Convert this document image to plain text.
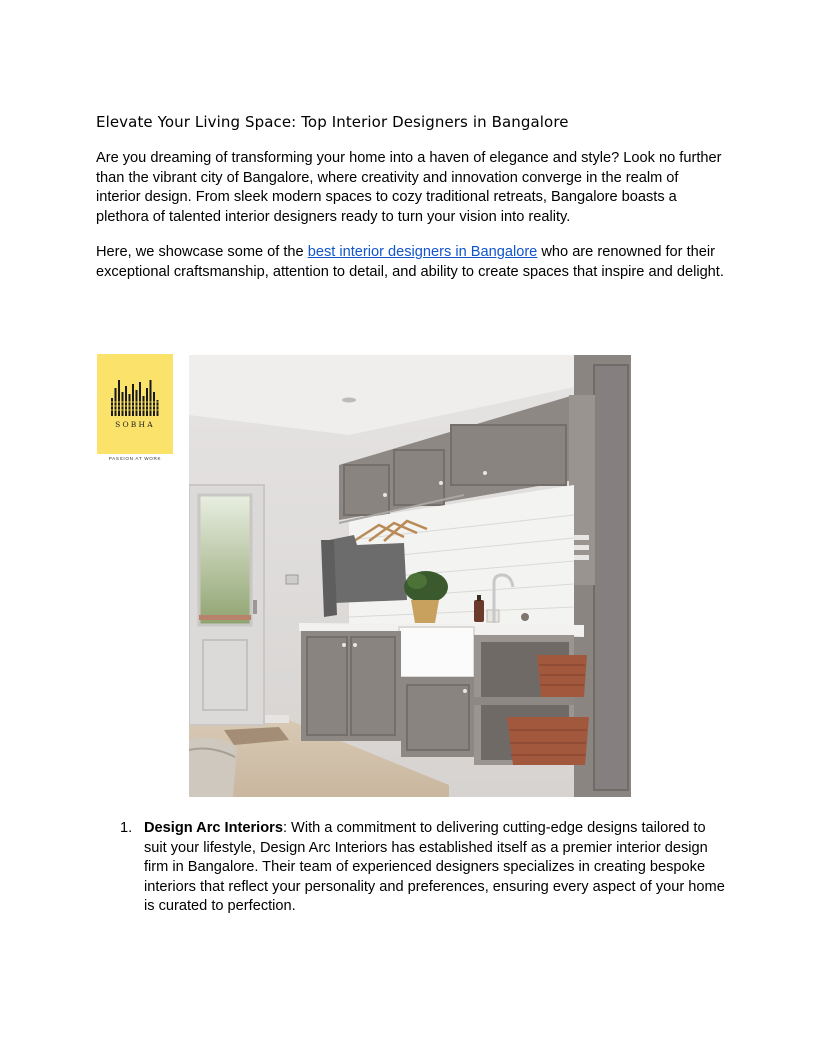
Elevate Your Living Space: Top Interior Designers in Bangalore

Are you dreaming of transforming your home into a haven of elegance and style? Look no further than the vibrant city of Bangalore, where creativity and innovation converge in the realm of interior design. From sleek modern spaces to cozy traditional retreats, Bangalore boasts a plethora of talented interior designers ready to turn your vision into reality.

Here, we showcase some of the best interior designers in Bangalore who are renowned for their exceptional craftsmanship, attention to detail, and ability to create spaces that inspire and delight.

SOBHA
PASSION AT WORK
1. Design Arc Interiors: With a commitment to delivering cutting-edge designs tailored to suit your lifestyle, Design Arc Interiors has established itself as a premier interior design firm in Bangalore. Their team of experienced designers specializes in creating bespoke interiors that reflect your personality and preferences, ensuring every aspect of your home is curated to perfection.
